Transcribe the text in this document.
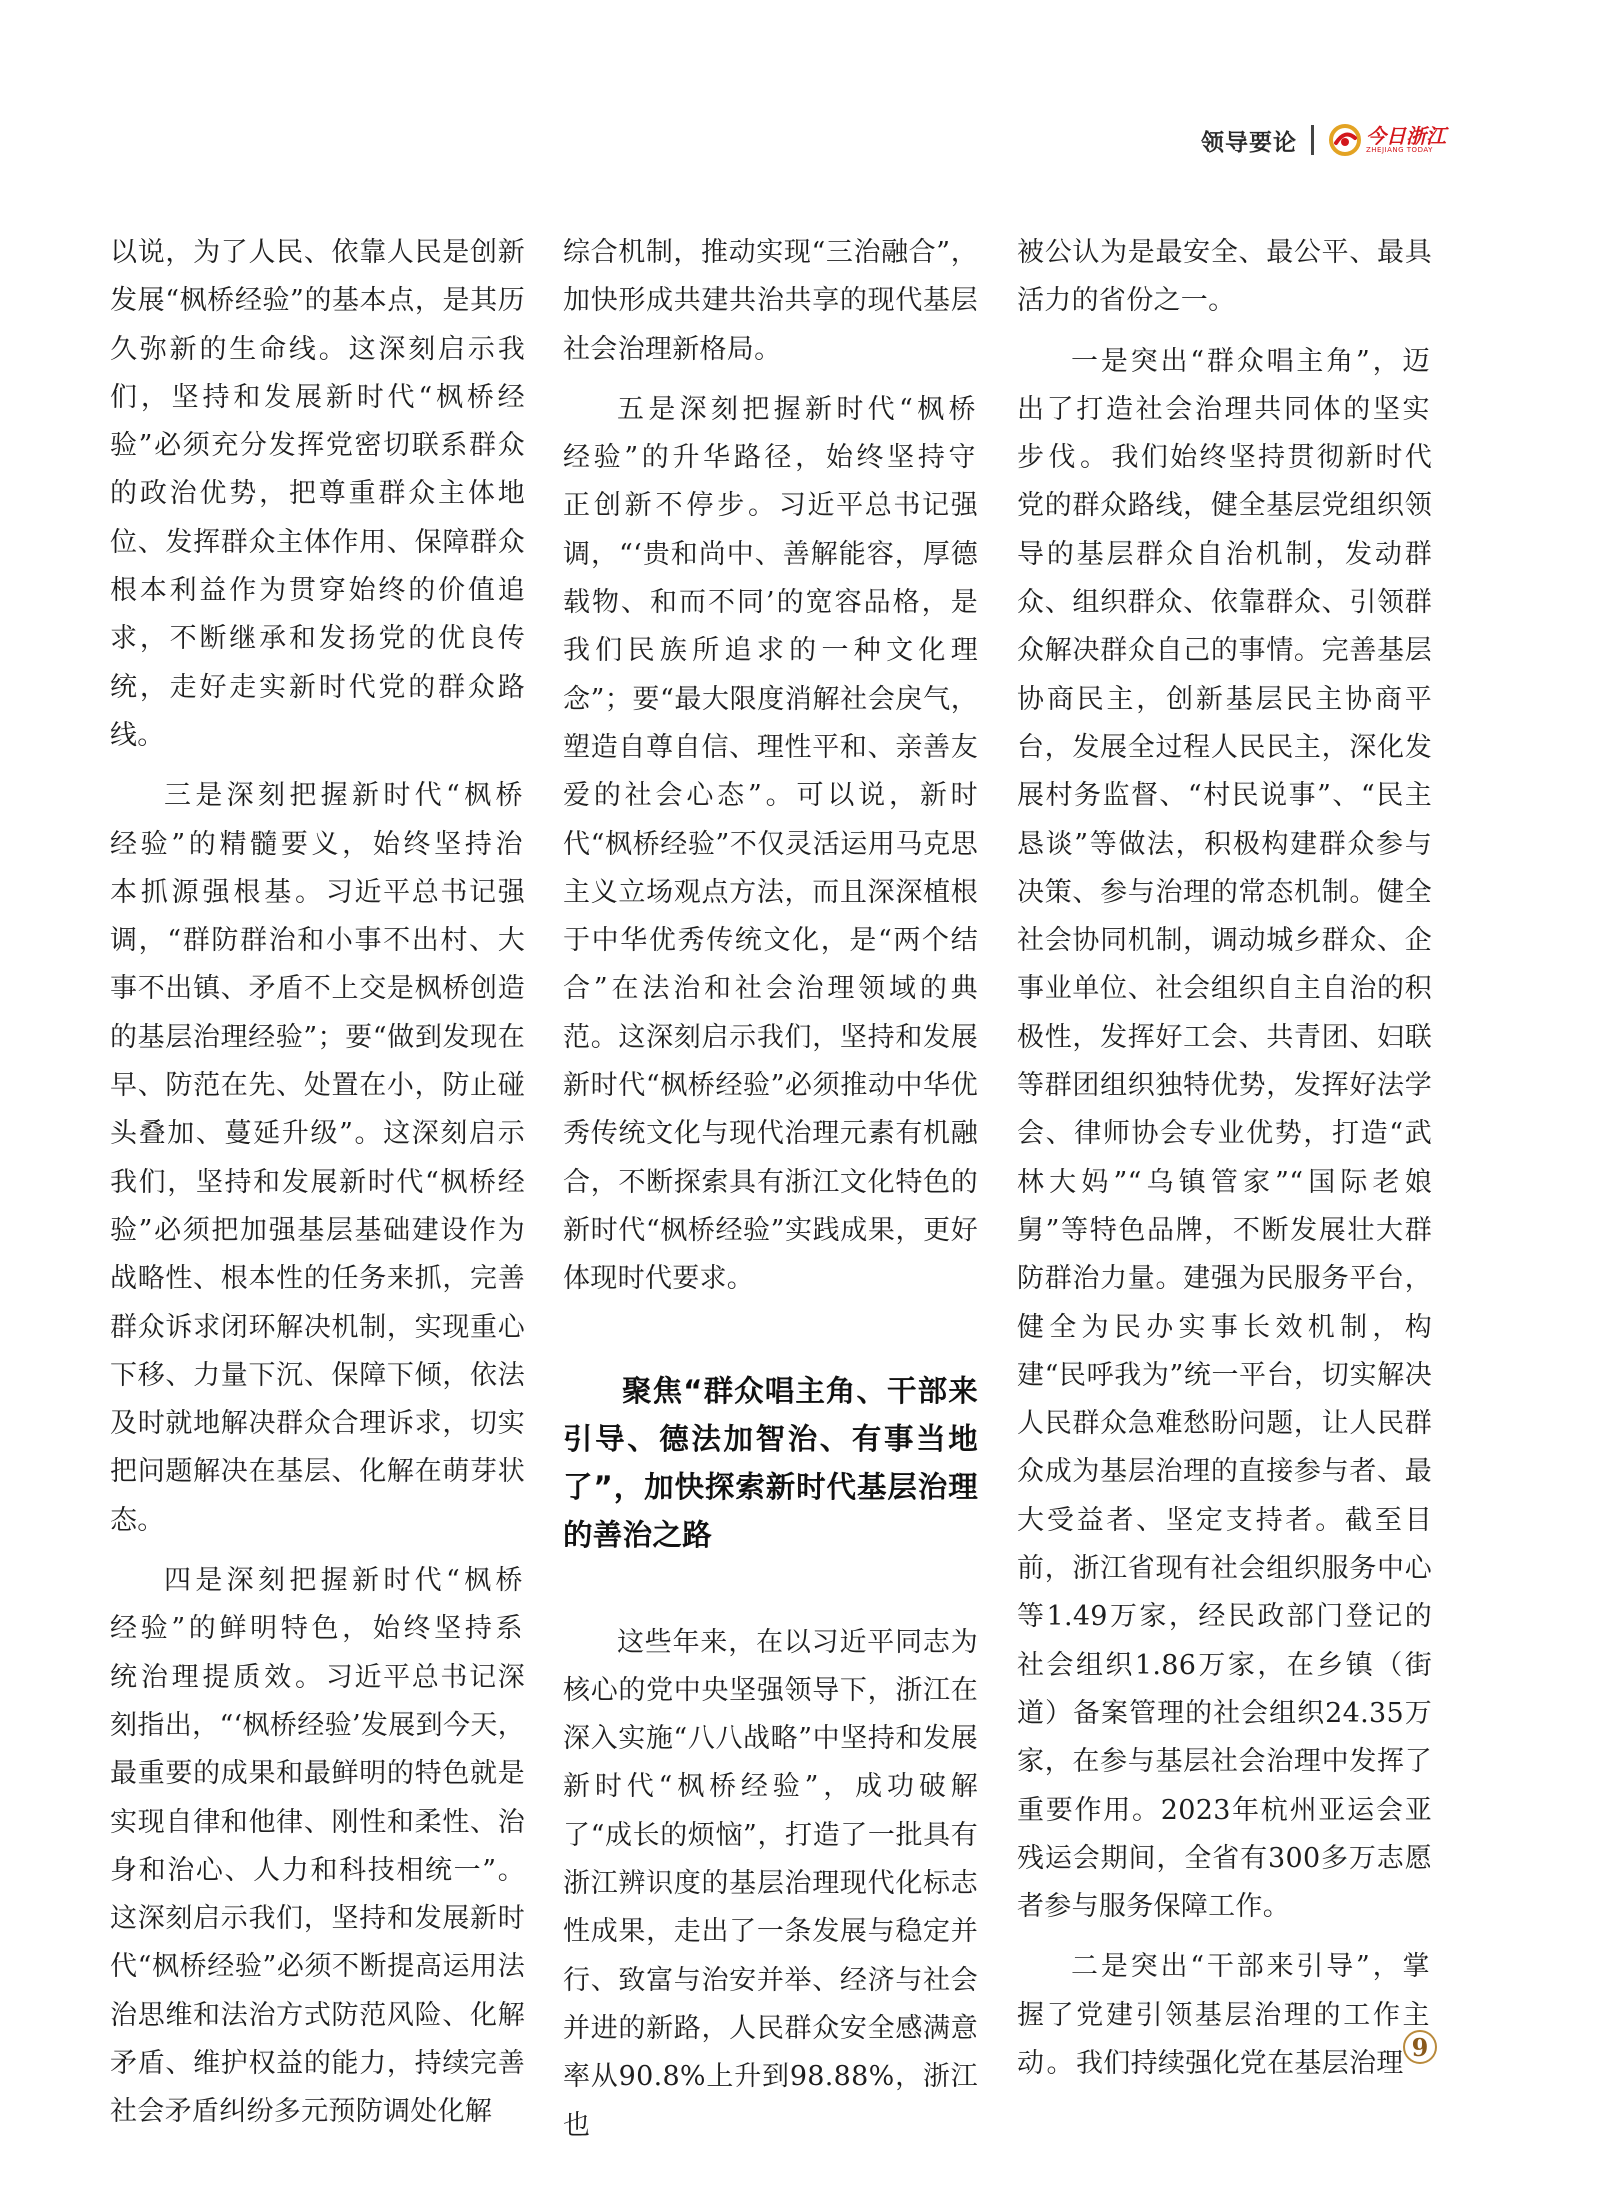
领导要论	今日浙江
ZHEJIANG TODAY

以说，为了人民、依靠人民是创新发展“枫桥经验”的基本点，是其历久弥新的生命线。这深刻启示我们，坚持和发展新时代“枫桥经验”必须充分发挥党密切联系群众的政治优势，把尊重群众主体地位、发挥群众主体作用、保障群众根本利益作为贯穿始终的价值追求，不断继承和发扬党的优良传统，走好走实新时代党的群众路线。

三是深刻把握新时代“枫桥经验”的精髓要义，始终坚持治本抓源强根基。习近平总书记强调，“群防群治和小事不出村、大事不出镇、矛盾不上交是枫桥创造的基层治理经验”；要“做到发现在早、防范在先、处置在小，防止碰头叠加、蔓延升级”。这深刻启示我们，坚持和发展新时代“枫桥经验”必须把加强基层基础建设作为战略性、根本性的任务来抓，完善群众诉求闭环解决机制，实现重心下移、力量下沉、保障下倾，依法及时就地解决群众合理诉求，切实把问题解决在基层、化解在萌芽状态。

四是深刻把握新时代“枫桥经验”的鲜明特色，始终坚持系统治理提质效。习近平总书记深刻指出，“‘枫桥经验’发展到今天，最重要的成果和最鲜明的特色就是实现自律和他律、刚性和柔性、治身和治心、人力和科技相统一”。这深刻启示我们，坚持和发展新时代“枫桥经验”必须不断提高运用法治思维和法治方式防范风险、化解矛盾、维护权益的能力，持续完善社会矛盾纠纷多元预防调处化解

综合机制，推动实现“三治融合”，加快形成共建共治共享的现代基层社会治理新格局。

五是深刻把握新时代“枫桥经验”的升华路径，始终坚持守正创新不停步。习近平总书记强调，“‘贵和尚中、善解能容，厚德载物、和而不同’的宽容品格，是我们民族所追求的一种文化理念”；要“最大限度消解社会戾气，塑造自尊自信、理性平和、亲善友爱的社会心态”。可以说，新时代“枫桥经验”不仅灵活运用马克思主义立场观点方法，而且深深植根于中华优秀传统文化，是“两个结合”在法治和社会治理领域的典范。这深刻启示我们，坚持和发展新时代“枫桥经验”必须推动中华优秀传统文化与现代治理元素有机融合，不断探索具有浙江文化特色的新时代“枫桥经验”实践成果，更好体现时代要求。

聚焦“群众唱主角、干部来引导、德法加智治、有事当地了”，加快探索新时代基层治理的善治之路

这些年来，在以习近平同志为核心的党中央坚强领导下，浙江在深入实施“八八战略”中坚持和发展新时代“枫桥经验”，成功破解了“成长的烦恼”，打造了一批具有浙江辨识度的基层治理现代化标志性成果，走出了一条发展与稳定并行、致富与治安并举、经济与社会并进的新路，人民群众安全感满意率从90.8%上升到98.88%，浙江也

被公认为是最安全、最公平、最具活力的省份之一。

一是突出“群众唱主角”，迈出了打造社会治理共同体的坚实步伐。我们始终坚持贯彻新时代党的群众路线，健全基层党组织领导的基层群众自治机制，发动群众、组织群众、依靠群众、引领群众解决群众自己的事情。完善基层协商民主，创新基层民主协商平台，发展全过程人民民主，深化发展村务监督、“村民说事”、“民主恳谈”等做法，积极构建群众参与决策、参与治理的常态机制。健全社会协同机制，调动城乡群众、企事业单位、社会组织自主自治的积极性，发挥好工会、共青团、妇联等群团组织独特优势，发挥好法学会、律师协会专业优势，打造“武林大妈”“乌镇管家”“国际老娘舅”等特色品牌，不断发展壮大群防群治力量。建强为民服务平台，健全为民办实事长效机制，构建“民呼我为”统一平台，切实解决人民群众急难愁盼问题，让人民群众成为基层治理的直接参与者、最大受益者、坚定支持者。截至目前，浙江省现有社会组织服务中心等1.49万家，经民政部门登记的社会组织1.86万家，在乡镇（街道）备案管理的社会组织24.35万家，在参与基层社会治理中发挥了重要作用。2023年杭州亚运会亚残运会期间，全省有300多万志愿者参与服务保障工作。

二是突出“干部来引导”，掌握了党建引领基层治理的工作主动。我们持续强化党在基层治理

9
